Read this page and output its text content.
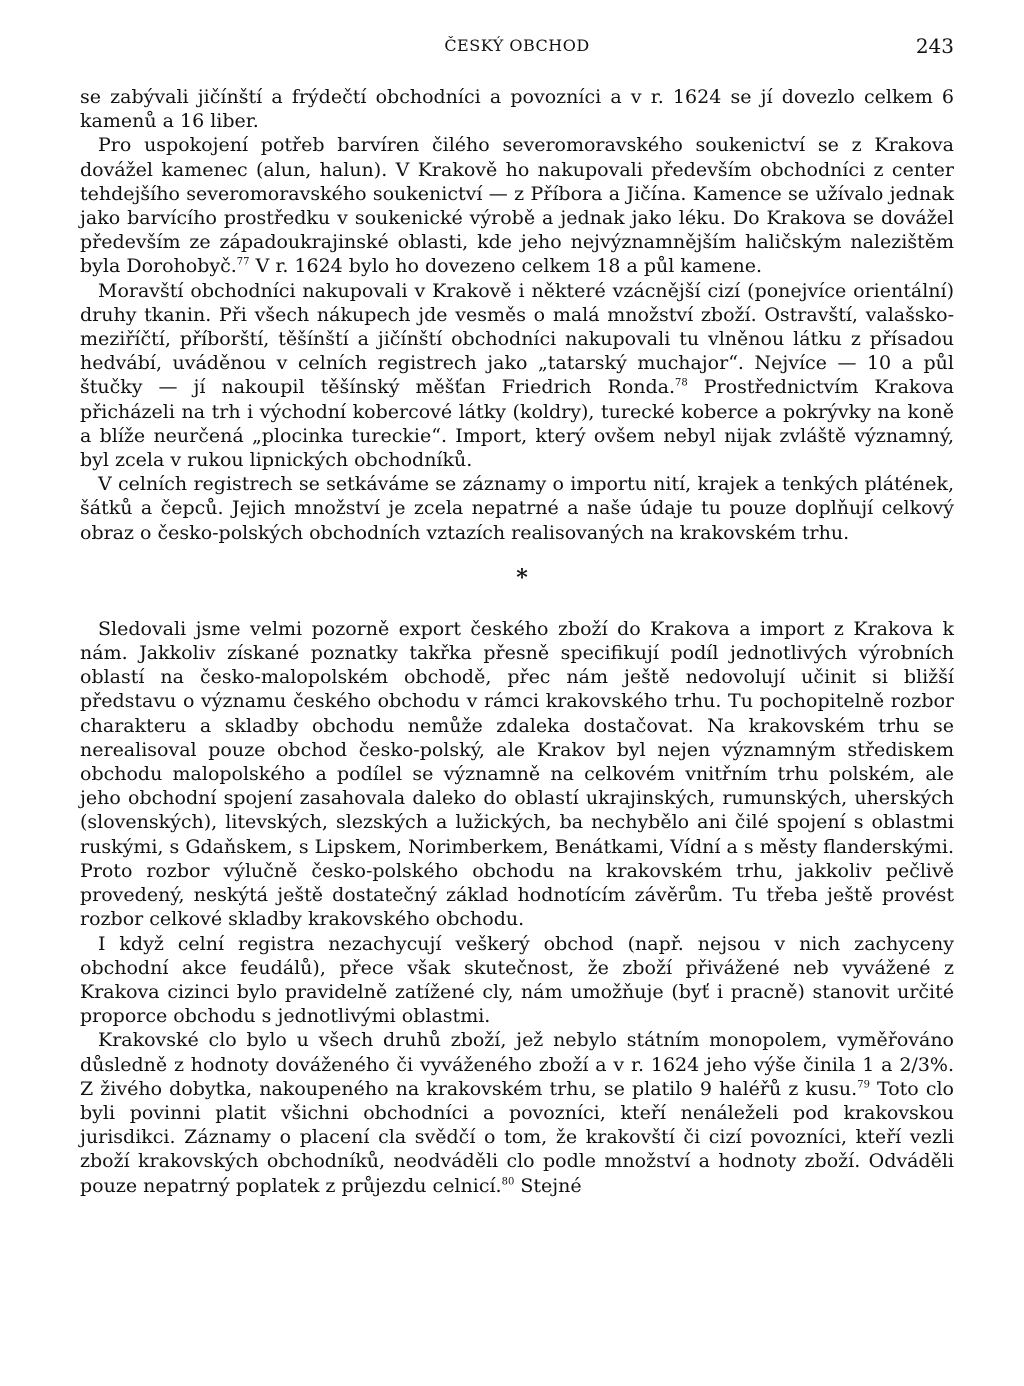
ČESKÝ OBCHOD	243

se zabývali jičínští a frýdečtí obchodníci a povozníci a v r. 1624 se jí dovezlo celkem 6 kamenů a 16 liber.

Pro uspokojení potřeb barvíren čilého severomoravského soukenictví se z Krakova dovážel kamenec (alun, halun). V Krakově ho nakupovali především obchodníci z center tehdejšího severomoravského soukenictví — z Příbora a Jičína. Kamence se užívalo jednak jako barvícího prostředku v soukenické výrobě a jednak jako léku. Do Krakova se dovážel především ze západoukrajinské oblasti, kde jeho nejvýznamnějším haličským nalezištěm byla Dorohobyč.$^{77}$ V r. 1624 bylo ho dovezeno celkem 18 a půl kamene.

Moravští obchodníci nakupovali v Krakově i některé vzácnější cizí (ponejvíce orientální) druhy tkanin. Při všech nákupech jde vesměs o malá množství zboží. Ostravští, valašsko-meziříčtí, příborští, těšínští a jičínští obchodníci nakupovali tu vlněnou látku z přísadou hedvábí, uváděnou v celních registrech jako „tatarský muchajor“. Nejvíce — 10 a půl štučky — jí nakoupil těšínský měšťan Friedrich Ronda.$^{78}$ Prostřednictvím Krakova přicházeli na trh i východní kobercové látky (koldry), turecké koberce a pokrývky na koně a blíže neurčená „plocinka tureckie“. Import, který ovšem nebyl nijak zvláště významný, byl zcela v rukou lipnických obchodníků.

V celních registrech se setkáváme se záznamy o importu nití, krajek a tenkých plátének, šátků a čepců. Jejich množství je zcela nepatrné a naše údaje tu pouze doplňují celkový obraz o česko-polských obchodních vztazích realisovaných na krakovském trhu.

*

Sledovali jsme velmi pozorně export českého zboží do Krakova a import z Krakova k nám. Jakkoliv získané poznatky takřka přesně specifikují podíl jednotlivých výrobních oblastí na česko-malopolském obchodě, přec nám ještě nedovolují učinit si bližší představu o významu českého obchodu v rámci krakovského trhu. Tu pochopitelně rozbor charakteru a skladby obchodu nemůže zdaleka dostačovat. Na krakovském trhu se nerealisoval pouze obchod česko-polský, ale Krakov byl nejen významným střediskem obchodu malopolského a podílel se významně na celkovém vnitřním trhu polském, ale jeho obchodní spojení zasahovala daleko do oblastí ukrajinských, rumunských, uherských (slovenských), litevských, slezských a lužických, ba nechybělo ani čilé spojení s oblastmi ruskými, s Gdaňskem, s Lipskem, Norimberkem, Benátkami, Vídní a s městy flanderskými. Proto rozbor výlučně česko-polského obchodu na krakovském trhu, jakkoliv pečlivě provedený, neskýtá ještě dostatečný základ hodnotícím závěrům. Tu třeba ještě provést rozbor celkové skladby krakovského obchodu.

I když celní registra nezachycují veškerý obchod (např. nejsou v nich zachyceny obchodní akce feudálů), přece však skutečnost, že zboží přivážené neb vyvážené z Krakova cizinci bylo pravidelně zatížené cly, nám umožňuje (byť i pracně) stanovit určité proporce obchodu s jednotlivými oblastmi.

Krakovské clo bylo u všech druhů zboží, jež nebylo státním monopolem, vyměřováno důsledně z hodnoty dováženého či vyváženého zboží a v r. 1624 jeho výše činila 1 a 2/3%. Z živého dobytka, nakoupeného na krakovském trhu, se platilo 9 haléřů z kusu.$^{79}$ Toto clo byli povinni platit všichni obchodníci a povozníci, kteří nenáleželi pod krakovskou jurisdikci. Záznamy o placení cla svědčí o tom, že krakovští či cizí povozníci, kteří vezli zboží krakovských obchodníků, neodváděli clo podle množství a hodnoty zboží. Odváděli pouze nepatrný poplatek z průjezdu celnicí.$^{80}$ Stejné
